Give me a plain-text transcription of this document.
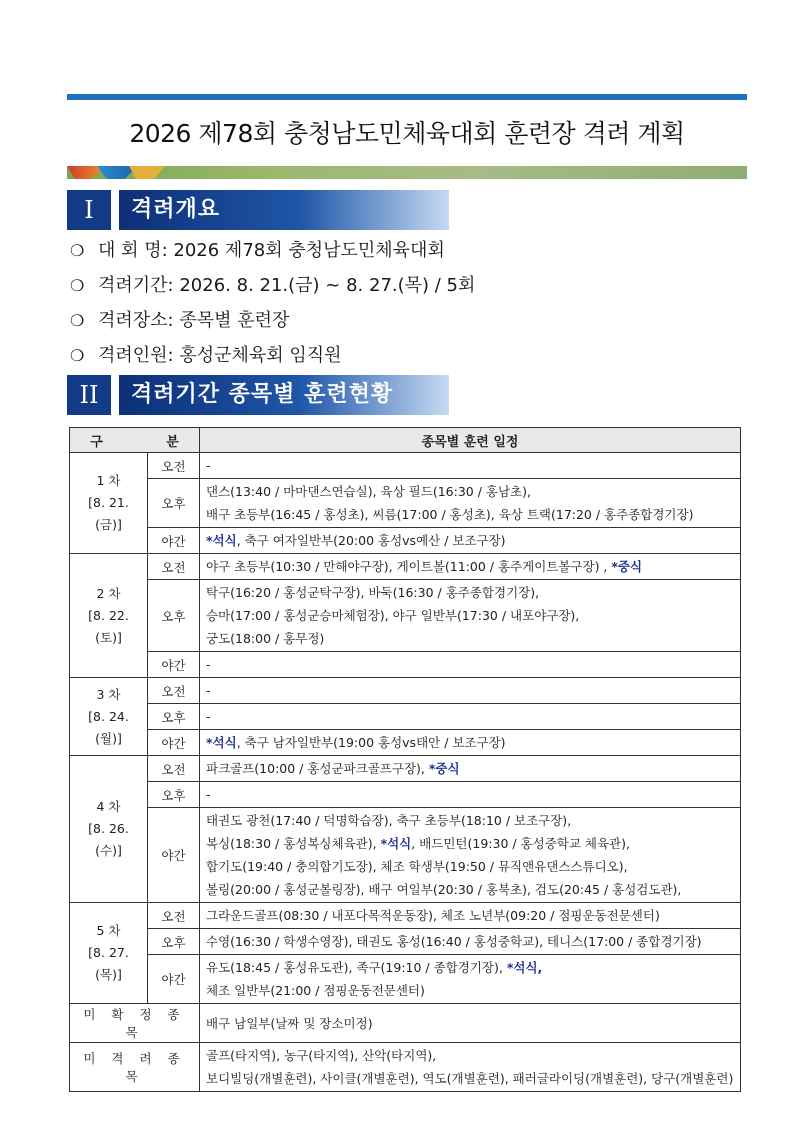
2026 제78회 충청남도민체육대회 훈련장 격려 계획
I	격려개요
❍ 대 회 명: 2026 제78회 충청남도민체육대회
❍ 격려기간: 2026. 8. 21.(금) ~ 8. 27.(목) / 5회
❍ 격려장소: 종목별 훈련장
❍ 격려인원: 홍성군체육회 임직원
II	격려기간 종목별 훈련현황
구 분		종목별 훈련 일정

1 차
[8. 21.(금)]	오전	-
	오후	댄스(13:40 / 마마댄스연습실), 육상 필드(16:30 / 홍남초),
배구 초등부(16:45 / 홍성초), 씨름(17:00 / 홍성초), 육상 트랙(17:20 / 홍주종합경기장)

	야간	*석식, 축구 여자일반부(20:00 홍성vs예산 / 보조구장)

2 차
[8. 22.(토)]	오전	야구 초등부(10:30 / 만해야구장), 게이트볼(11:00 / 홍주게이트볼구장) , *중식
	오후	탁구(16:20 / 홍성군탁구장), 바둑(16:30 / 홍주종합경기장),
승마(17:00 / 홍성군승마체험장), 야구 일반부(17:30 / 내포야구장),
궁도(18:00 / 홍무정)

	야간	-

3 차
[8. 24.(월)]	오전	-
	오후	-
	야간	*석식, 축구 남자일반부(19:00 홍성vs태안 / 보조구장)

4 차
[8. 26.(수)]	오전	파크골프(10:00 / 홍성군파크골프구장), *중식
	오후	-
	야간	태권도 광천(17:40 / 덕명학습장), 축구 초등부(18:10 / 보조구장),
복싱(18:30 / 홍성복싱체육관), *석식, 배드민턴(19:30 / 홍성중학교 체육관),
합기도(19:40 / 충의합기도장), 체조 학생부(19:50 / 뮤직앤유댄스스튜디오),
볼링(20:00 / 홍성군볼링장), 배구 여일부(20:30 / 홍북초), 검도(20:45 / 홍성검도관),

5 차
[8. 27.(목)]	오전	그라운드골프(08:30 / 내포다목적운동장), 체조 노년부(09:20 / 점핑운동전문센터)
	오후	수영(16:30 / 학생수영장), 태권도 홍성(16:40 / 홍성중학교), 테니스(17:00 / 종합경기장)
	야간	유도(18:45 / 홍성유도관), 족구(19:10 / 종합경기장), *석식,
체조 일반부(21:00 / 점핑운동전문센터)

미 확 정 종 목		배구 남일부(날짜 및 장소미정)
미 격 려 종 목		골프(타지역), 농구(타지역), 산악(타지역),
보디빌딩(개별훈련), 사이클(개별훈련), 역도(개별훈련), 패러글라이딩(개별훈련), 당구(개별훈련)
